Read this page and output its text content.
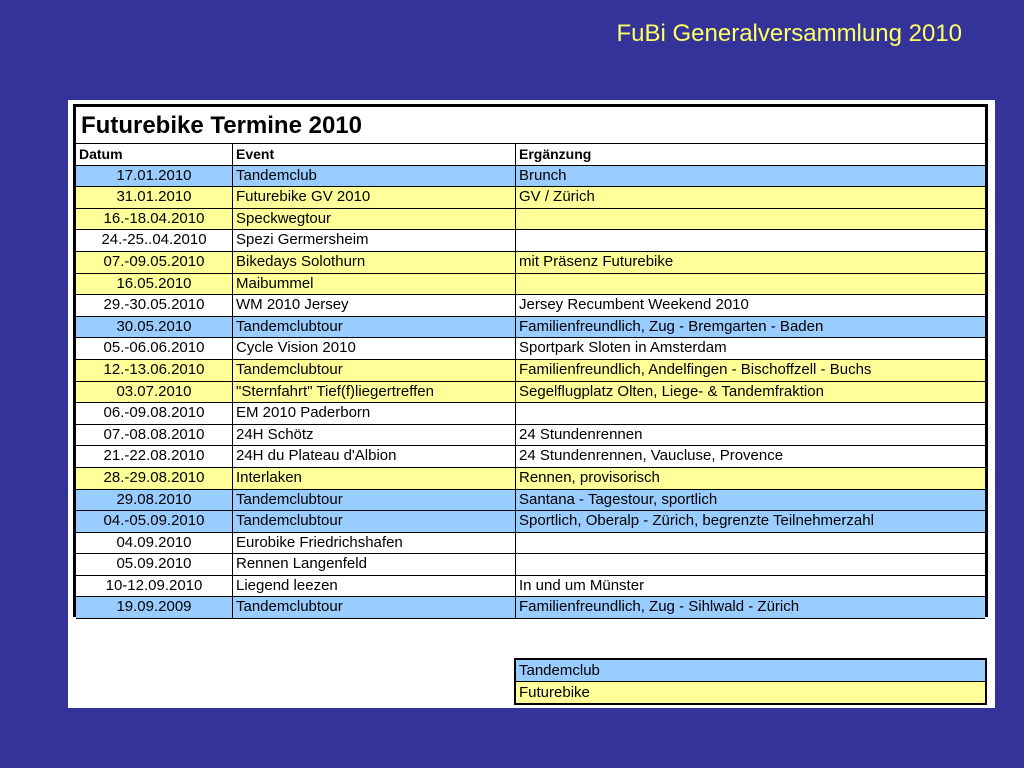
FuBi Generalversammlung 2010
Futurebike Termine 2010
Datum	Event	Ergänzung
17.01.2010	Tandemclub	Brunch
31.01.2010	Futurebike GV 2010	GV / Zürich
16.-18.04.2010	Speckwegtour
24.-25..04.2010	Spezi Germersheim
07.-09.05.2010	Bikedays Solothurn	mit Präsenz Futurebike
16.05.2010	Maibummel
29.-30.05.2010	WM 2010 Jersey	Jersey Recumbent Weekend 2010
30.05.2010	Tandemclubtour	Familienfreundlich, Zug - Bremgarten - Baden
05.-06.06.2010	Cycle Vision 2010	Sportpark Sloten in Amsterdam
12.-13.06.2010	Tandemclubtour	Familienfreundlich, Andelfingen - Bischoffzell - Buchs
03.07.2010	"Sternfahrt" Tief(f)liegertreffen	Segelflugplatz Olten, Liege- & Tandemfraktion
06.-09.08.2010	EM 2010 Paderborn
07.-08.08.2010	24H Schötz	24 Stundenrennen
21.-22.08.2010	24H du Plateau d'Albion	24 Stundenrennen, Vaucluse, Provence
28.-29.08.2010	Interlaken	Rennen, provisorisch
29.08.2010	Tandemclubtour	Santana - Tagestour, sportlich
04.-05.09.2010	Tandemclubtour	Sportlich, Oberalp - Zürich, begrenzte Teilnehmerzahl
04.09.2010	Eurobike Friedrichshafen
05.09.2010	Rennen Langenfeld
10-12.09.2010	Liegend leezen	In und um Münster
19.09.2009	Tandemclubtour	Familienfreundlich, Zug - Sihlwald - Zürich
Tandemclub
Futurebike
